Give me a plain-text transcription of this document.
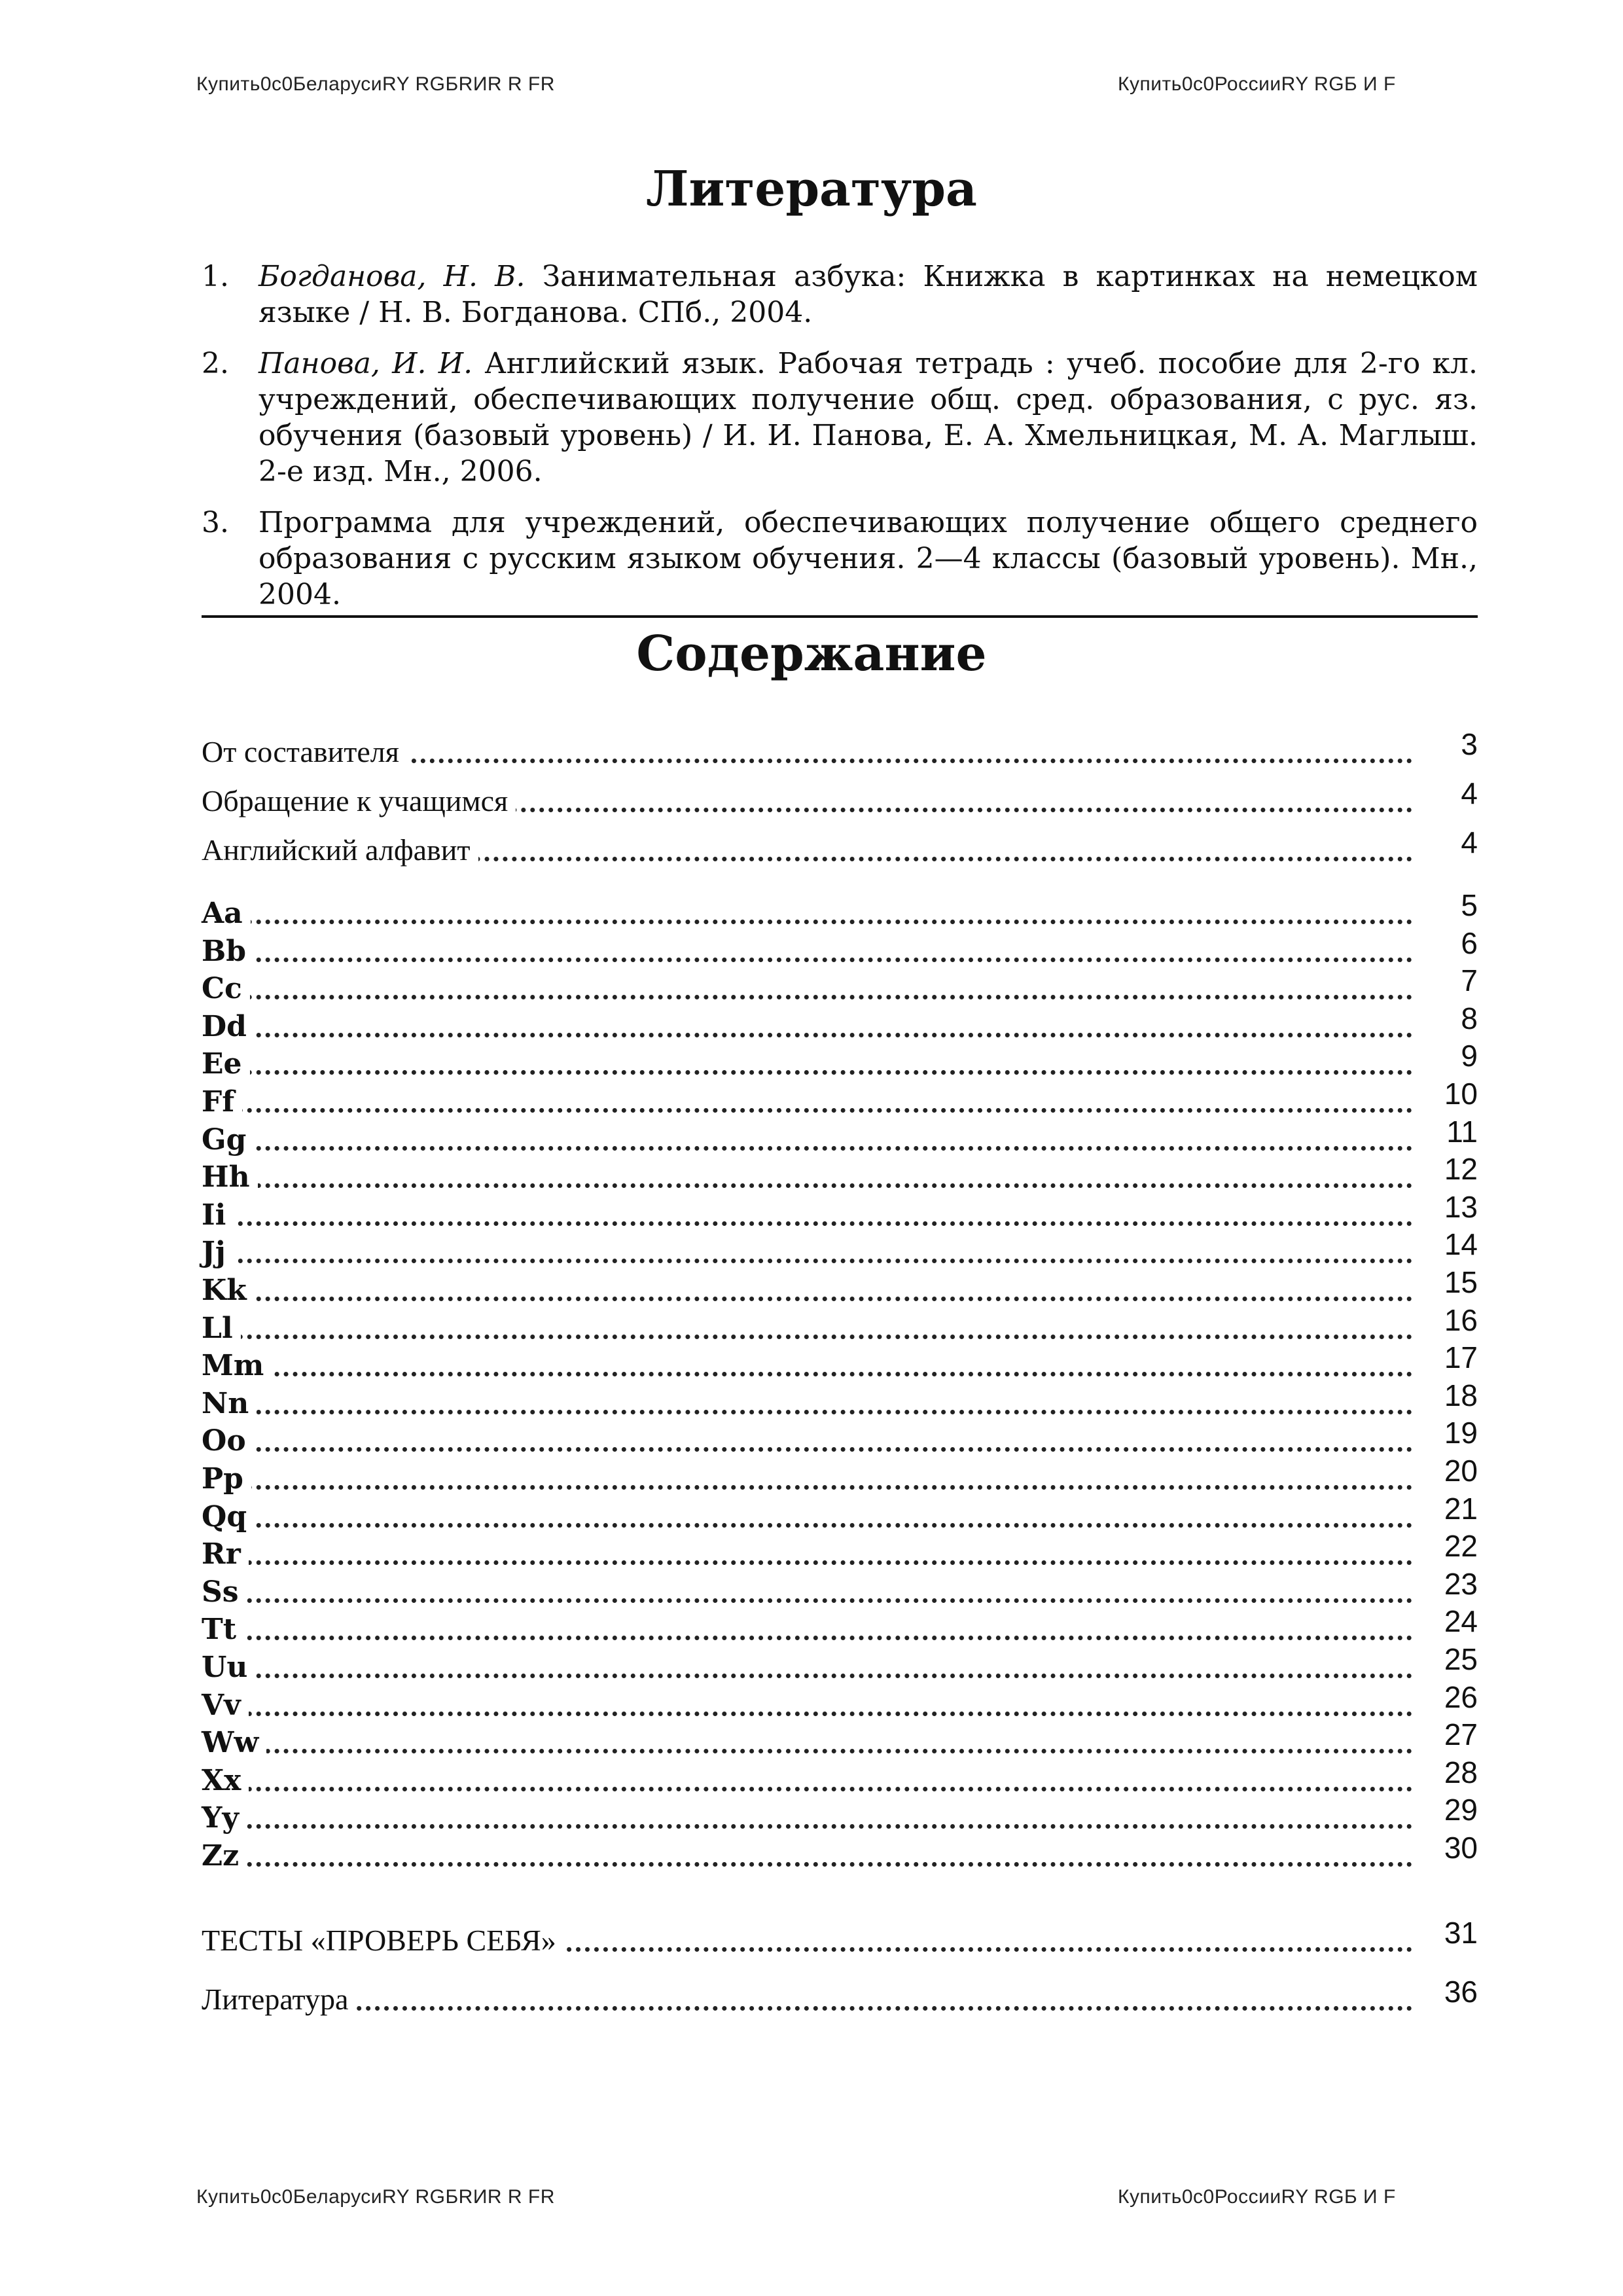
Купить0c0БеларусиRY RGБRИR R FR	Купить0c0РоссииRY RGБ И F
Литература
1. Богданова, Н. В. Занимательная азбука: Книжка в картинках на немецком языке / Н. В. Богданова. СПб., 2004.
2. Панова, И. И. Английский язык. Рабочая тетрадь : учеб. пособие для 2-го кл. учреждений, обеспечивающих получение общ. сред. образования, с рус. яз. обучения (базовый уровень) / И. И. Панова, Е. А. Хмельницкая, М. А. Маглыш. 2-е изд. Мн., 2006.
3. Программа для учреждений, обеспечивающих получение общего среднего образования с русским языком обучения. 2—4 классы (базовый уровень). Мн., 2004.
Содержание
От составителя	3
Обращение к учащимся	4
Английский алфавит	4
Aa	5
Bb	6
Cc	7
Dd	8
Ee	9
Ff	10
Gg	11
Hh	12
Ii	13
Jj	14
Kk	15
Ll	16
Mm	17
Nn	18
Oo	19
Pp	20
Qq	21
Rr	22
Ss	23
Tt	24
Uu	25
Vv	26
Ww	27
Xx	28
Yy	29
Zz	30
ТЕСТЫ «ПРОВЕРЬ СЕБЯ»	31
Литература	36
Купить0c0БеларусиRY RGБRИR R FR	Купить0c0РоссииRY RGБ И F
